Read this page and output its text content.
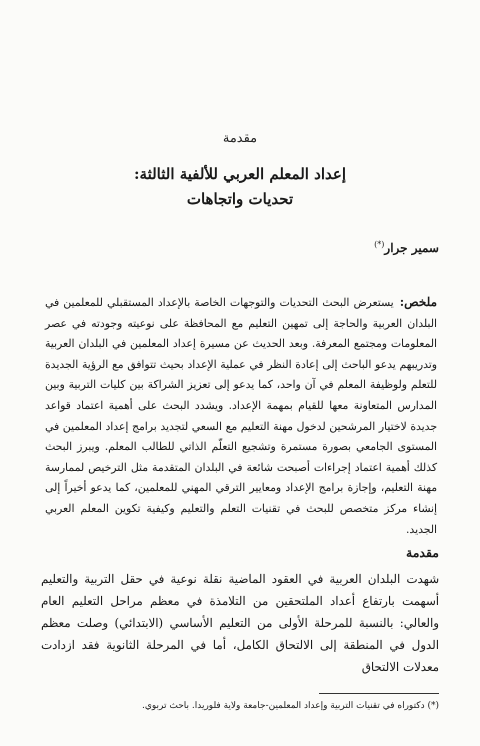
مقدمة
إعداد المعلم العربي للألفية الثالثة:
تحديات واتجاهات
سمير جرار(*)

ملخص: يستعرض البحث التحديات والتوجهات الخاصة بالإعداد المستقبلي للمعلمين في البلدان العربية والحاجة إلى تمهين التعليم مع المحافظة على نوعيته وجودته في عصر المعلومات ومجتمع المعرفة. وبعد الحديث عن مسيرة إعداد المعلمين في البلدان العربية وتدريبهم يدعو الباحث إلى إعادة النظر في عملية الإعداد بحيث تتوافق مع الرؤية الجديدة للتعلم ولوظيفة المعلم في آن واحد، كما يدعو إلى تعزيز الشراكة بين كليات التربية وبين المدارس المتعاونة معها للقيام بمهمة الإعداد. ويشدد البحث على أهمية اعتماد قواعد جديدة لاختيار المرشحين لدخول مهنة التعليم مع السعي لتجديد برامج إعداد المعلمين في المستوى الجامعي بصورة مستمرة وتشجيع التعلّم الذاتي للطالب المعلم. ويبرز البحث كذلك أهمية اعتماد إجراءات أصبحت شائعة في البلدان المتقدمة مثل الترخيص لممارسة مهنة التعليم، وإجازة برامج الإعداد ومعايير الترقي المهني للمعلمين، كما يدعو أخيراً إلى إنشاء مركز متخصص للبحث في تقنيات التعلم والتعليم وكيفية تكوين المعلم العربي الجديد.

مقدمة

شهدت البلدان العربية في العقود الماضية نقلة نوعية في حقل التربية والتعليم أسهمت بارتفاع أعداد الملتحقين من التلامذة في معظم مراحل التعليم العام والعالي: بالنسبة للمرحلة الأولى من التعليم الأساسي (الابتدائي) وصلت معظم الدول في المنطقة إلى الالتحاق الكامل، أما في المرحلة الثانوية فقد ازدادت معدلات الالتحاق

(*) دكتوراه في تقنيات التربية وإعداد المعلمين-جامعة ولاية فلوريدا. باحث تربوي.
